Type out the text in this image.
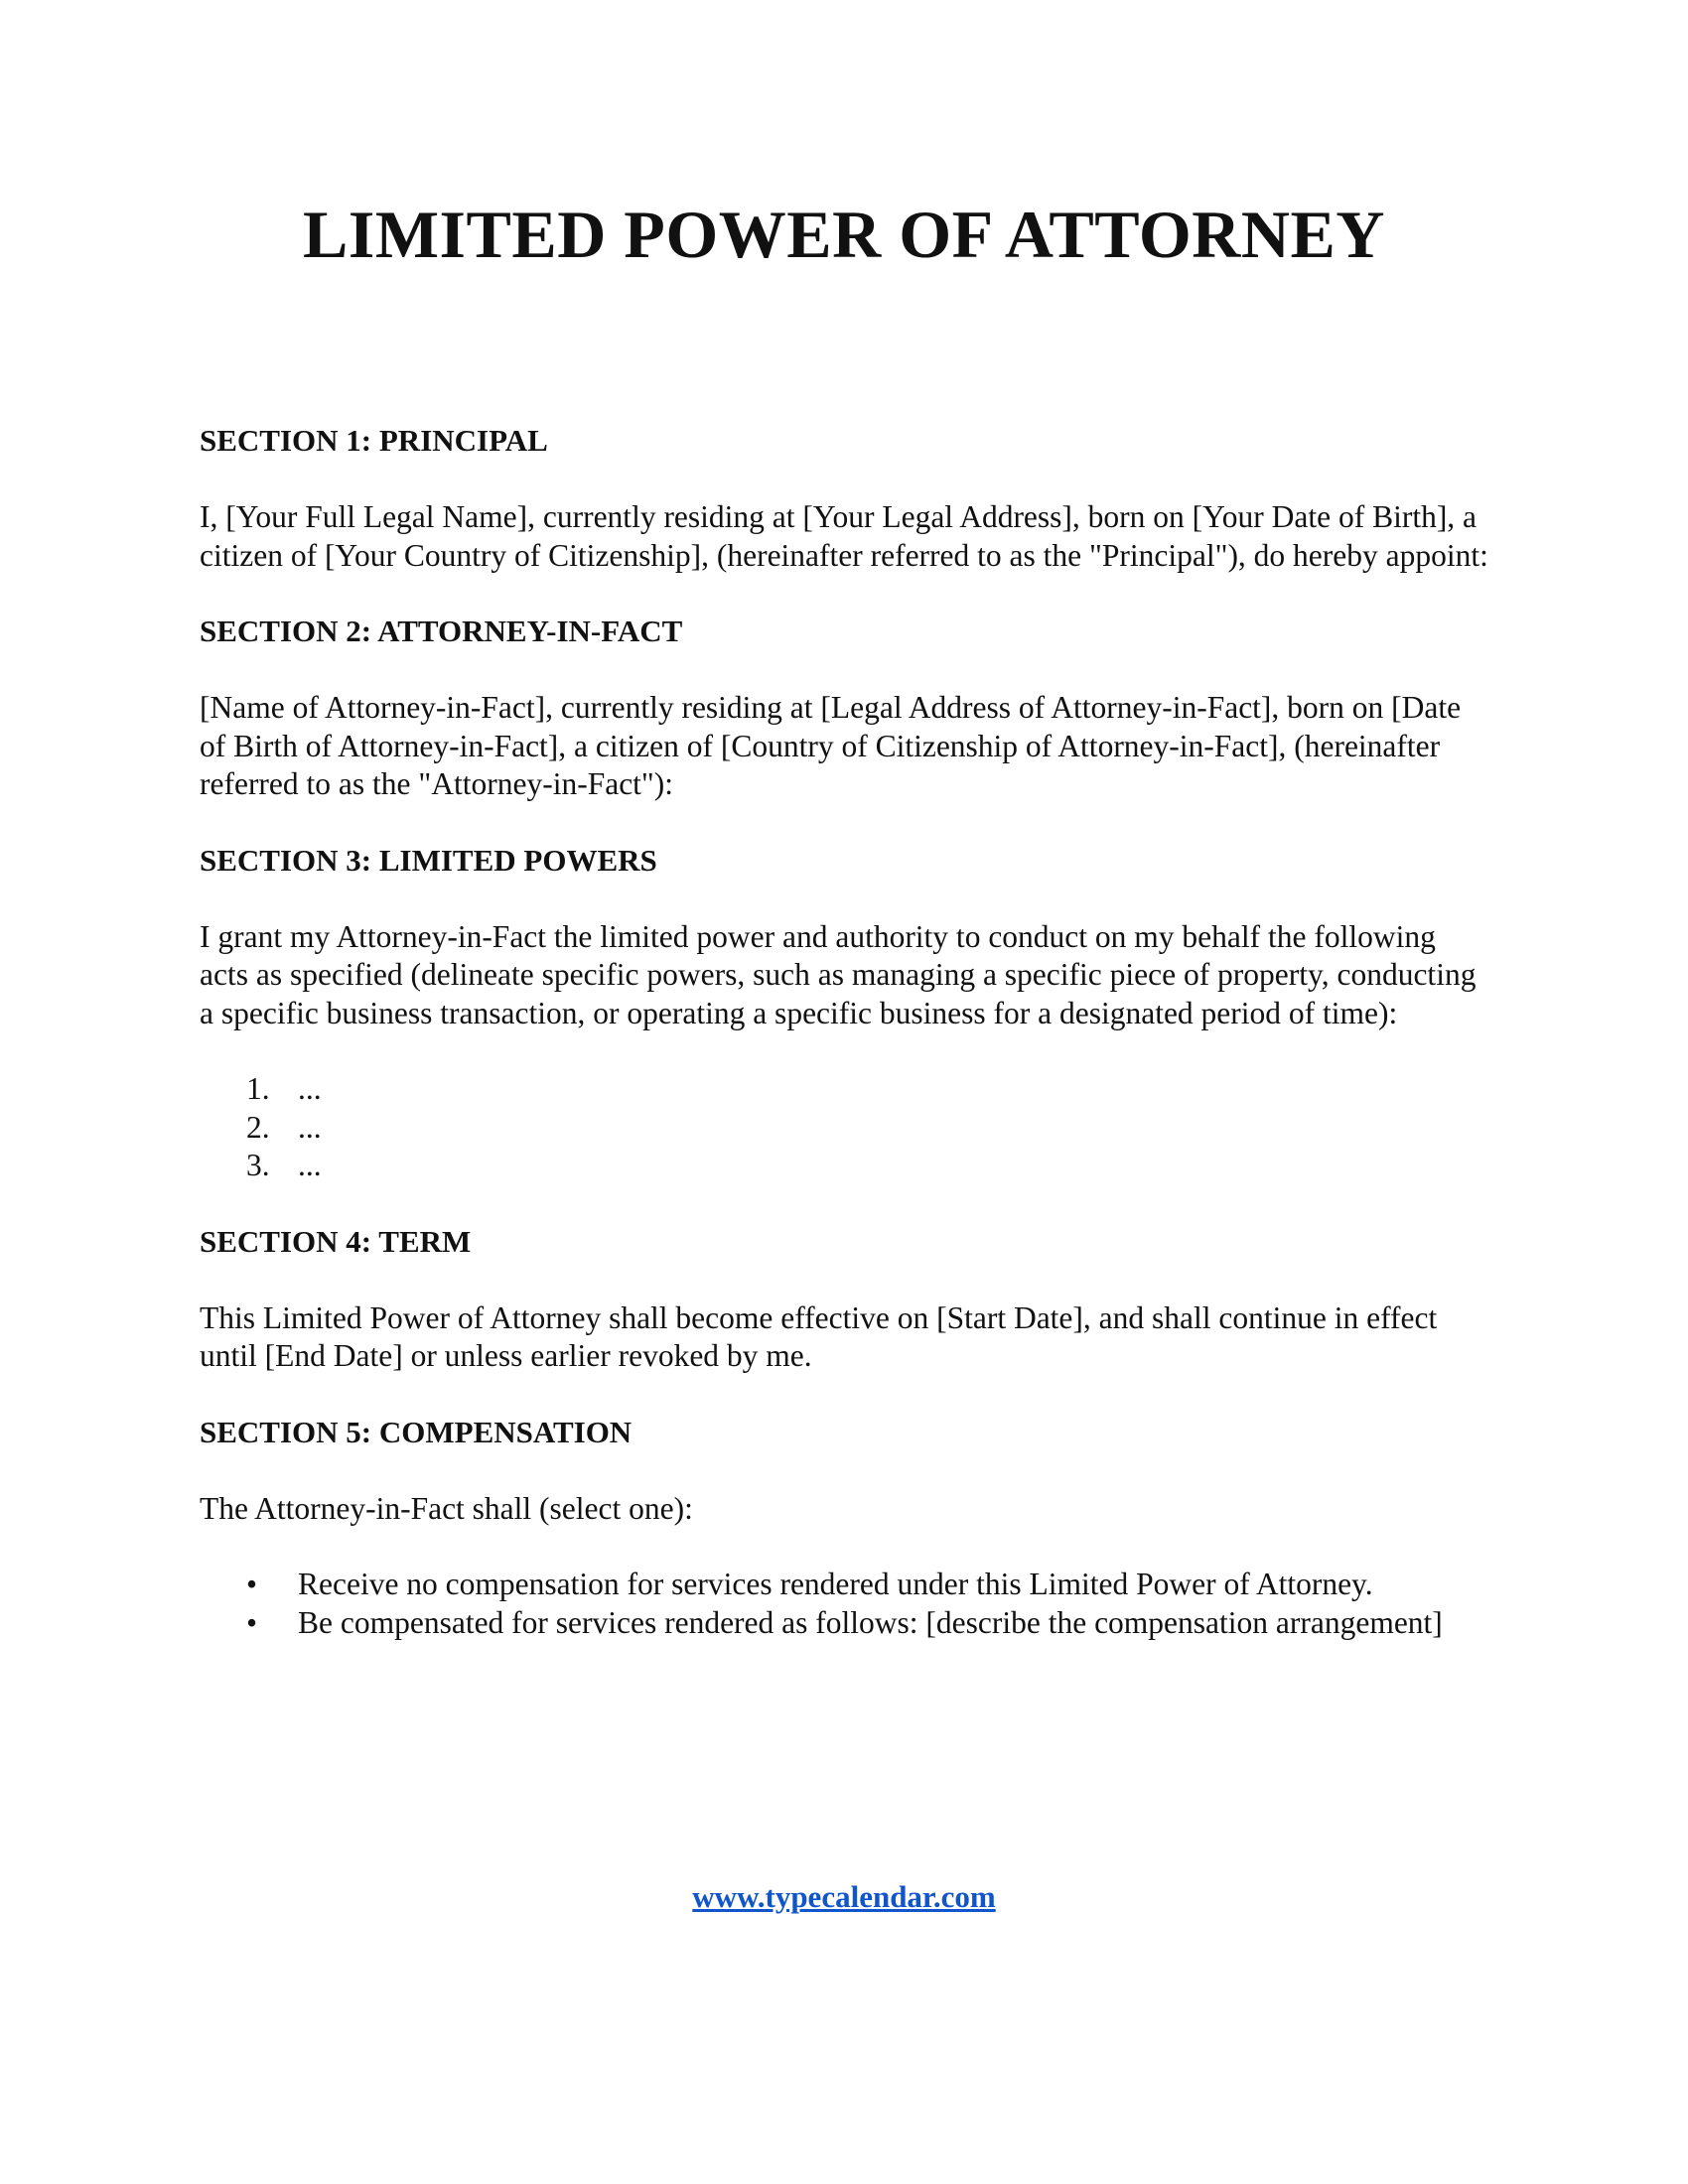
LIMITED POWER OF ATTORNEY

SECTION 1: PRINCIPAL

I, [Your Full Legal Name], currently residing at [Your Legal Address], born on [Your Date of Birth], a citizen of [Your Country of Citizenship], (hereinafter referred to as the "Principal"), do hereby appoint:

SECTION 2: ATTORNEY-IN-FACT

[Name of Attorney-in-Fact], currently residing at [Legal Address of Attorney-in-Fact], born on [Date of Birth of Attorney-in-Fact], a citizen of [Country of Citizenship of Attorney-in-Fact], (hereinafter referred to as the "Attorney-in-Fact"):

SECTION 3: LIMITED POWERS

I grant my Attorney-in-Fact the limited power and authority to conduct on my behalf the following acts as specified (delineate specific powers, such as managing a specific piece of property, conducting a specific business transaction, or operating a specific business for a designated period of time):

1. ...
2. ...
3. ...

SECTION 4: TERM

This Limited Power of Attorney shall become effective on [Start Date], and shall continue in effect until [End Date] or unless earlier revoked by me.

SECTION 5: COMPENSATION

The Attorney-in-Fact shall (select one):

•	Receive no compensation for services rendered under this Limited Power of Attorney.
•	Be compensated for services rendered as follows: [describe the compensation arrangement]
www.typecalendar.com
